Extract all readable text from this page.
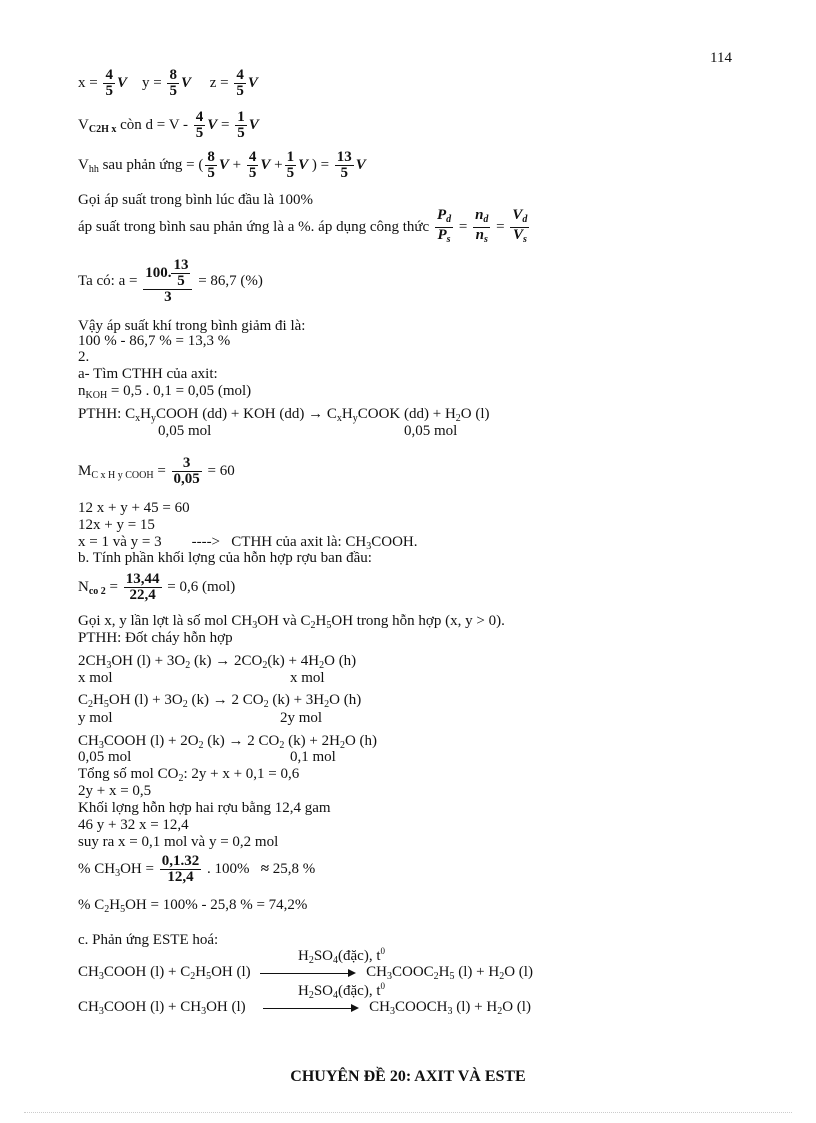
114
$x = \frac{4}{5}$ V $y = \frac{8}{5}$ V $z = \frac{4}{5}$ V
$V_{C2H x}$ còn $d = V - \frac{4}{5}$ $V = \frac{1}{5}$ V
$V_{hh}$ sau phản ứng = ( $\frac{8}{5}$ $V + \frac{4}{5}$ $V + \frac{1}{5}$ V ) = $\frac{13}{5}$ V
Gọi áp suất trong bình lúc đầu là 100%
áp suất trong bình sau phản ứng là a %. áp dụng công thức $\frac{P_d}{P_s} = \frac{n_d}{n_s} = \frac{V_d}{V_s}$
Ta có: $a = \frac{100. \frac{13}{5}}{3} = 86,7$ (%)
Vậy áp suất khí trong bình giảm đi là:
100 % - 86,7 % = 13,3 %
2.
a- Tìm CTHH của axit:
$n_{KOH} = 0,5$ . 0,1 = 0,05 (mol)
PTHH: $C_xH_yCOOH$ (dd) + KOH $(dd) \to C_xH_yCOOK$ $(dd) + H_2O$ (l)
0,05 mol	0,05 mol
$M_{C x H y COOH} = \frac{3}{0,05} = 60$
12 x + y + 45 = 60
12x + y = 15
x = 1 và y = 3 ----> CTHH của axit là: $CH_3COOH$.
b. Tính phần khối lợng của hỗn hợp rợu ban đầu:
$N_{co 2} = \frac{13,44}{22,4} = 0,6$ (mol)
Gọi x, y lần lợt là số mol $CH_3OH$ và $C_2H_5OH$ trong hỗn hợp (x, y > 0).
PTHH: Đốt cháy hỗn hợp
$2CH_3OH$ $(l) + 3O_2$ $(k) \to 2CO_2(k) + 4H_2O$ (h)
x mol	x mol
$C_2H_5OH$ $(l) + 3O_2$ (k) → 2 $CO_2$ $(k) + 3H_2O$ (h)
y mol	2y mol
$CH_3COOH$ $(l) + 2O_2$ (k) → 2 $CO_2$ $(k) + 2H_2O$ (h)
0,05 mol	0,1 mol
Tổng số mol $CO_2$: 2y + x + 0,1 = 0,6
2y + x = 0,5
Khối lợng hỗn hợp hai rợu bằng 12,4 gam
46 y + 32 x = 12,4
suy ra x = 0,1 mol và y = 0,2 mol
% $CH_3OH = \frac{0,1.32}{12,4}$ . 100% ≈ 25,8 %
% $C_2H_5OH = 100\% - 25,8$ % = 74,2%
c. Phản ứng ESTE hoá:
$H_2SO_4(đặc)$, $t^0$
$CH_3COOH$ $(l) + C_2H_5OH$ (l)	$CH_3COOC_2H_5$ $(l) + H_2O$ (l)
$H_2SO_4(đặc)$, $t^0$
$CH_3COOH$ $(l) + CH_3OH$ (l)	$CH_3COOCH_3$ $(l) + H_2O$ (l)
CHUYÊN ĐỀ 20: AXIT VÀ ESTE
